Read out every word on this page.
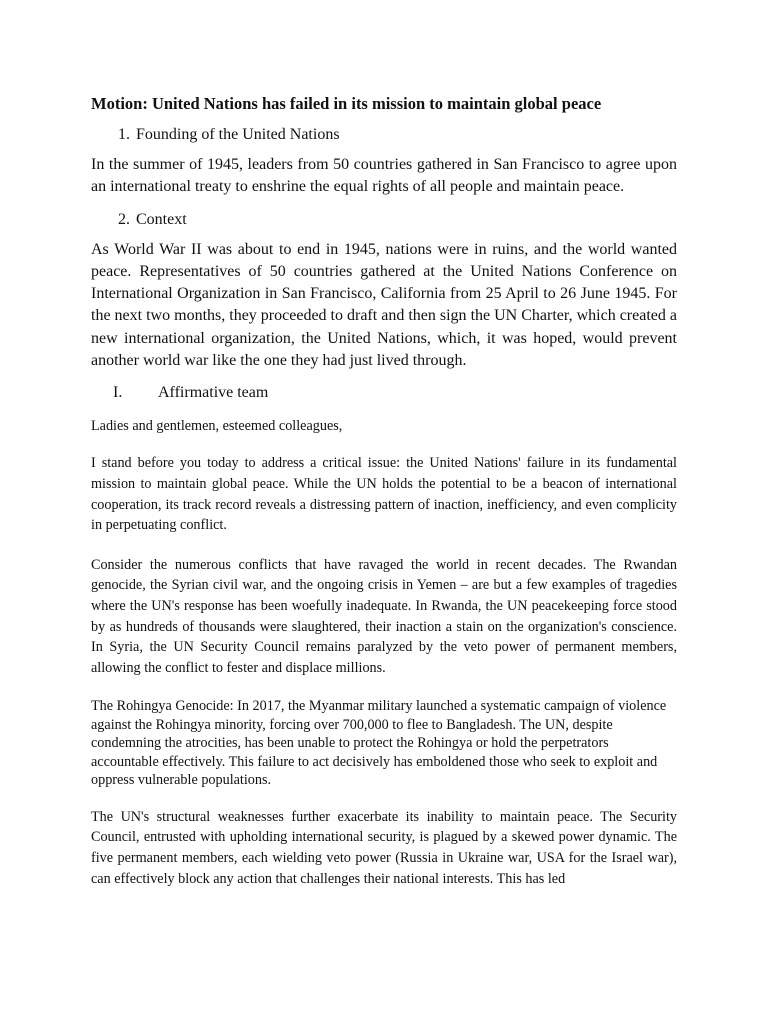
Motion: United Nations has failed in its mission to maintain global peace
1. Founding of the United Nations

In the summer of 1945, leaders from 50 countries gathered in San Francisco to agree upon an international treaty to enshrine the equal rights of all people and maintain peace.

2. Context

As World War II was about to end in 1945, nations were in ruins, and the world wanted peace. Representatives of 50 countries gathered at the United Nations Conference on International Organization in San Francisco, California from 25 April to 26 June 1945. For the next two months, they proceeded to draft and then sign the UN Charter, which created a new international organization, the United Nations, which, it was hoped, would prevent another world war like the one they had just lived through.

I.	Affirmative team

Ladies and gentlemen, esteemed colleagues,

I stand before you today to address a critical issue: the United Nations' failure in its fundamental mission to maintain global peace. While the UN holds the potential to be a beacon of international cooperation, its track record reveals a distressing pattern of inaction, inefficiency, and even complicity in perpetuating conflict.

Consider the numerous conflicts that have ravaged the world in recent decades. The Rwandan genocide, the Syrian civil war, and the ongoing crisis in Yemen – are but a few examples of tragedies where the UN's response has been woefully inadequate. In Rwanda, the UN peacekeeping force stood by as hundreds of thousands were slaughtered, their inaction a stain on the organization's conscience. In Syria, the UN Security Council remains paralyzed by the veto power of permanent members, allowing the conflict to fester and displace millions.

The Rohingya Genocide: In 2017, the Myanmar military launched a systematic campaign of violence against the Rohingya minority, forcing over 700,000 to flee to Bangladesh. The UN, despite condemning the atrocities, has been unable to protect the Rohingya or hold the perpetrators accountable effectively. This failure to act decisively has emboldened those who seek to exploit and oppress vulnerable populations.

The UN's structural weaknesses further exacerbate its inability to maintain peace. The Security Council, entrusted with upholding international security, is plagued by a skewed power dynamic. The five permanent members, each wielding veto power (Russia in Ukraine war, USA for the Israel war), can effectively block any action that challenges their national interests. This has led
